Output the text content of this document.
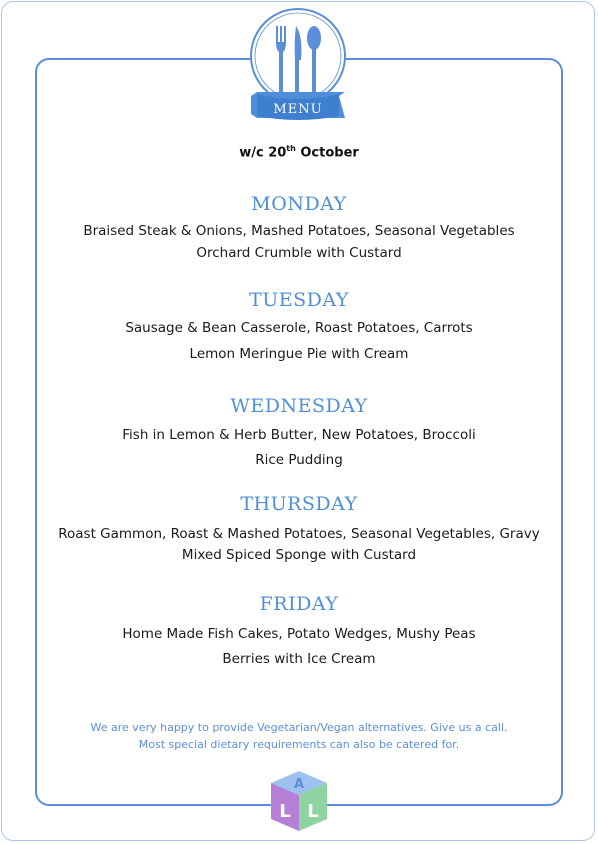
MENU
w/c 20th October
MONDAY
Braised Steak & Onions, Mashed Potatoes, Seasonal Vegetables
Orchard Crumble with Custard
TUESDAY
Sausage & Bean Casserole, Roast Potatoes, Carrots
Lemon Meringue Pie with Cream
WEDNESDAY
Fish in Lemon & Herb Butter, New Potatoes, Broccoli
Rice Pudding
THURSDAY
Roast Gammon, Roast & Mashed Potatoes, Seasonal Vegetables, Gravy
Mixed Spiced Sponge with Custard
FRIDAY
Home Made Fish Cakes, Potato Wedges, Mushy Peas
Berries with Ice Cream
We are very happy to provide Vegetarian/Vegan alternatives. Give us a call.
Most special dietary requirements can also be catered for.
A
L L
